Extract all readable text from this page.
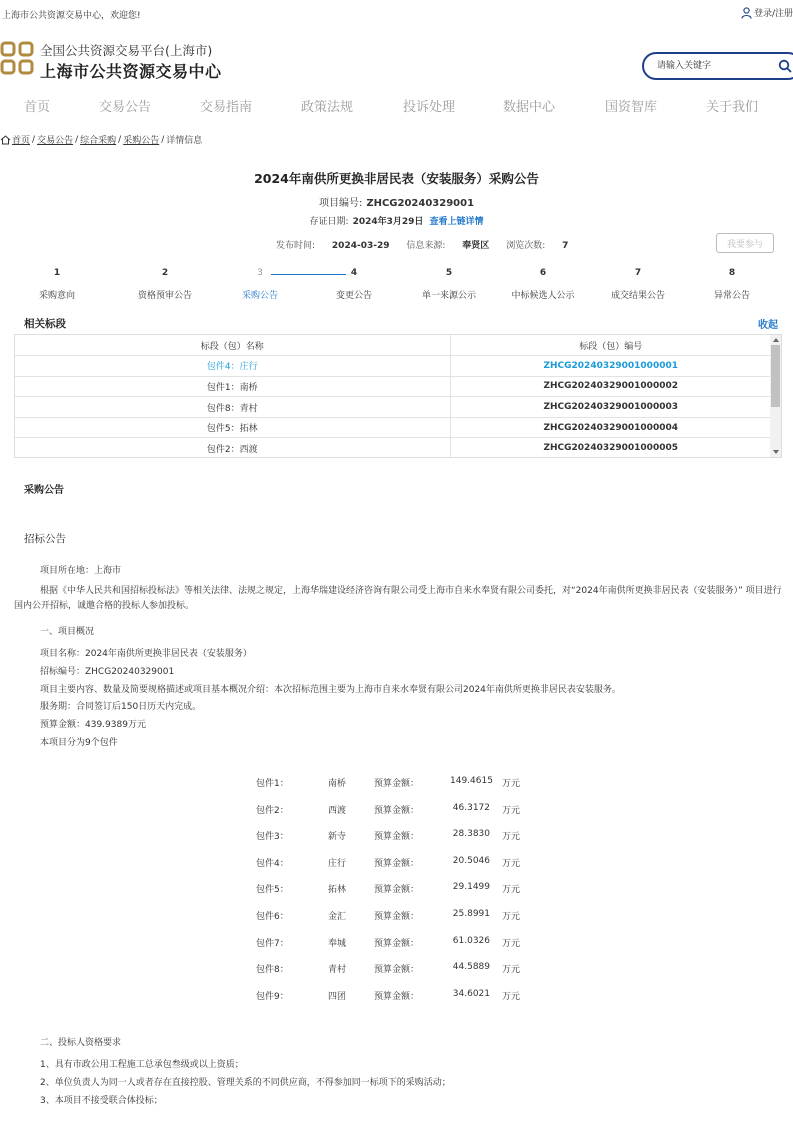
上海市公共资源交易中心，欢迎您!	登录/注册
全国公共资源交易平台(上海市)
上海市公共资源交易中心
请输入关键字
首页	交易公告	交易指南	政策法规	投诉处理	数据中心	国资智库	关于我们
首页 / 交易公告 / 综合采购 / 采购公告 / 详情信息
2024年南供所更换非居民表（安装服务）采购公告
项目编号: ZHCG20240329001
存证日期: 2024年3月29日 查看上链详情
发布时间: 2024-03-29 信息来源: 奉贤区 浏览次数: 7	我要参与
1
采购意向
2
资格预审公告
3
采购公告
4
变更公告
5
单一来源公示
6
中标候选人公示
7
成交结果公告
8
异常公告
相关标段	收起
标段（包）名称	标段（包）编号
包件4：庄行	ZHCG20240329001000001
包件1：南桥	ZHCG20240329001000002
包件8：青村	ZHCG20240329001000003
包件5：拓林	ZHCG20240329001000004
包件2：西渡	ZHCG20240329001000005
采购公告
招标公告
项目所在地：上海市
根据《中华人民共和国招标投标法》等相关法律、法规之规定，上海华瑞建设经济咨询有限公司受上海市自来水奉贤有限公司委托，对“2024年南供所更换非居民表（安装服务）” 项目进行国内公开招标，诚邀合格的投标人参加投标。
一、项目概况
项目名称：2024年南供所更换非居民表（安装服务）
招标编号：ZHCG20240329001
项目主要内容、数量及简要规格描述或项目基本概况介绍：本次招标范围主要为上海市自来水奉贤有限公司2024年南供所更换非居民表安装服务。
服务期：合同签订后150日历天内完成。
预算金额：439.9389万元
本项目分为9个包件
包件1：	南桥	预算金额：	149.4615 万元
包件2：	西渡	预算金额：	46.3172 万元
包件3：	新寺	预算金额：	28.3830 万元
包件4：	庄行	预算金额：	20.5046 万元
包件5：	拓林	预算金额：	29.1499 万元
包件6：	金汇	预算金额：	25.8991 万元
包件7：	奉城	预算金额：	61.0326 万元
包件8：	青村	预算金额：	44.5889 万元
包件9：	四团	预算金额：	34.6021 万元
二、投标人资格要求
1、具有市政公用工程施工总承包叁级或以上资质；
2、单位负责人为同一人或者存在直接控股、管理关系的不同供应商，不得参加同一标项下的采购活动；
3、本项目不接受联合体投标；
